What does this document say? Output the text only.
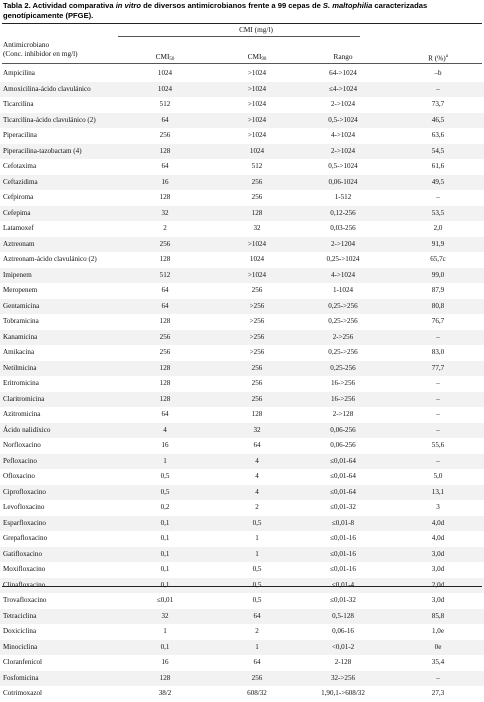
Tabla 2. Actividad comparativa in vitro de diversos antimicrobianos frente a 99 cepas de S. maltophilia caracterizadas genotípicamente (PFGE).
CMI (mg/l)
Antimicrobiano
(Conc. inhibidor en mg/l)	$CMI_{50}$	$CMI_{90}$	Rango	R (%)$^a$
Ampicilina	1024	>1024	64->1024	–b
Amoxicilina-ácido clavulánico	1024	>1024	≤4->1024	–
Ticarcilina	512	>1024	2->1024	73,7
Ticarcilina-ácido clavulánico (2)	64	>1024	0,5->1024	46,5
Piperacilina	256	>1024	4->1024	63,6
Piperacilina-tazobactam (4)	128	1024	2->1024	54,5
Cefotaxima	64	512	0,5->1024	61,6
Ceftazidima	16	256	0,06-1024	49,5
Cefpiroma	128	256	1-512	–
Cefepima	32	128	0,12-256	53,5
Latamoxef	2	32	0,03-256	2,0
Aztreonam	256	>1024	2->1204	91,9
Aztreonam-ácido clavulánico (2)	128	1024	0,25->1024	65,7c
Imipenem	512	>1024	4->1024	99,0
Meropenem	64	256	1-1024	87,9
Gentamicina	64	>256	0,25->256	80,8
Tobramicina	128	>256	0,25->256	76,7
Kanamicina	256	>256	2->256	–
Amikacina	256	>256	0,25->256	83,0
Netilmicina	128	256	0,25-256	77,7
Eritromicina	128	256	16->256	–
Claritromicina	128	256	16->256	–
Azitromicina	64	128	2->128	–
Ácido nalidíxico	4	32	0,06-256	–
Norfloxacino	16	64	0,06-256	55,6
Pefloxacino	1	4	≤0,01-64	–
Ofloxacino	0,5	4	≤0,01-64	5,0
Ciprofloxacino	0,5	4	≤0,01-64	13,1
Levofloxacino	0,2	2	≤0,01-32	3
Esparfloxacino	0,1	0,5	≤0,01-8	4,0d
Grepafloxacino	0,1	1	≤0,01-16	4,0d
Gatifloxacino	0,1	1	≤0,01-16	3,0d
Moxifloxacino	0,1	0,5	≤0,01-16	3,0d
Clinafloxacino	0,1	0,5	≤0,01-4	2,0d
Trovafloxacino	≤0,01	0,5	≤0,01-32	3,0d
Tetraciclina	32	64	0,5-128	85,8
Doxiciclina	1	2	0,06-16	1,0e
Minociclina	0,1	1	<0,01-2	0e
Cloranfenicol	16	64	2-128	35,4
Fosfomicina	128	256	32->256	–
Cotrimoxazol	38/2	608/32	1,90,1->608/32	27,3
